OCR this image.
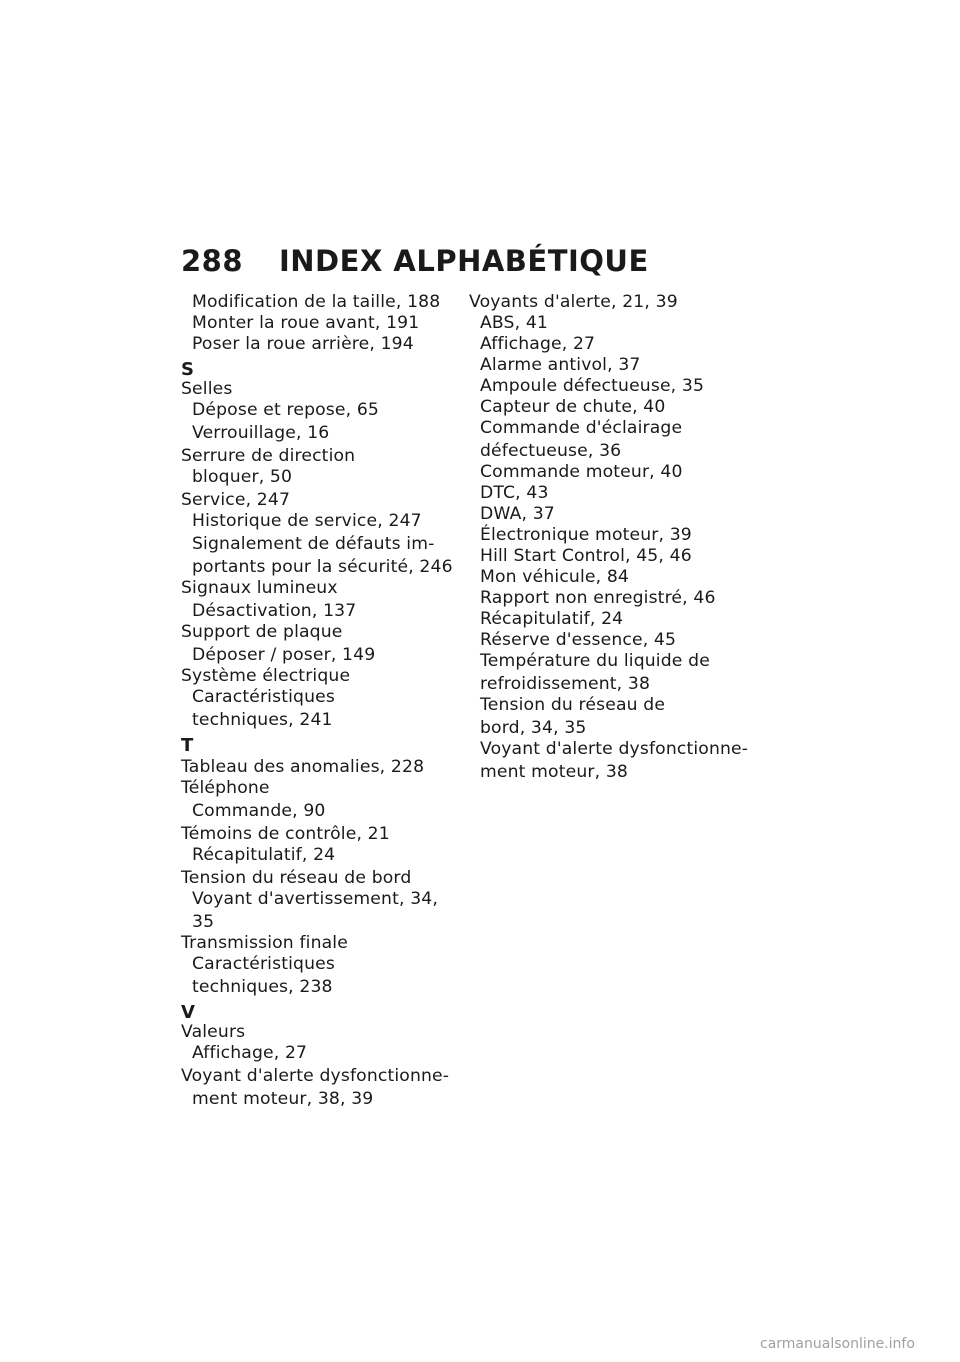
288 INDEX ALPHABÉTIQUE
Modification de la taille, 188
Monter la roue avant, 191
Poser la roue arrière, 194
S
Selles
Dépose et repose, 65
Verrouillage, 16
Serrure de direction
bloquer, 50
Service, 247
Historique de service, 247
Signalement de défauts im-
portants pour la sécurité, 246
Signaux lumineux
Désactivation, 137
Support de plaque
Déposer / poser, 149
Système électrique
Caractéristiques
techniques, 241
T
Tableau des anomalies, 228
Téléphone
Commande, 90
Témoins de contrôle, 21
Récapitulatif, 24
Tension du réseau de bord
Voyant d'avertissement, 34,
35
Transmission finale
Caractéristiques
techniques, 238
V
Valeurs
Affichage, 27
Voyant d'alerte dysfonctionne-
ment moteur, 38, 39
Voyants d'alerte, 21, 39
ABS, 41
Affichage, 27
Alarme antivol, 37
Ampoule défectueuse, 35
Capteur de chute, 40
Commande d'éclairage
défectueuse, 36
Commande moteur, 40
DTC, 43
DWA, 37
Électronique moteur, 39
Hill Start Control, 45, 46
Mon véhicule, 84
Rapport non enregistré, 46
Récapitulatif, 24
Réserve d'essence, 45
Température du liquide de
refroidissement, 38
Tension du réseau de
bord, 34, 35
Voyant d'alerte dysfonctionne-
ment moteur, 38
carmanualsonline.info
